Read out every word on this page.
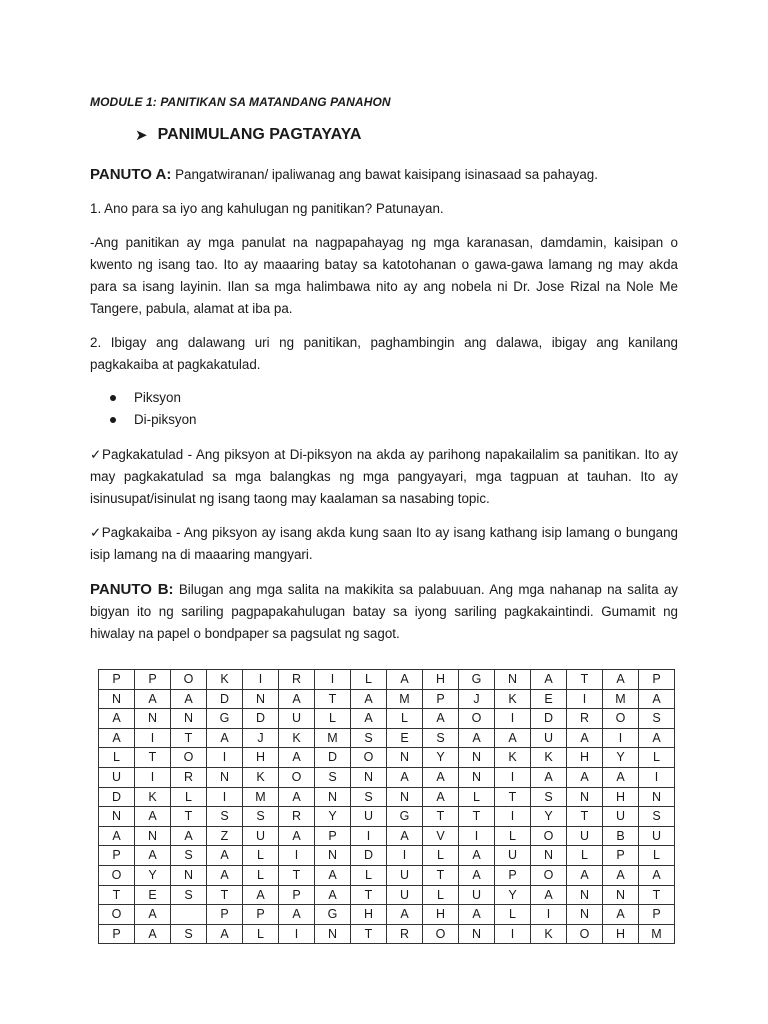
MODULE 1: PANITIKAN SA MATANDANG PANAHON
➤ PANIMULANG PAGTAYAYA
PANUTO A: Pangatwiranan/ ipaliwanag ang bawat kaisipang isinasaad sa pahayag.
1. Ano para sa iyo ang kahulugan ng panitikan? Patunayan.
-Ang panitikan ay mga panulat na nagpapahayag ng mga karanasan, damdamin, kaisipan o kwento ng isang tao. Ito ay maaaring batay sa katotohanan o gawa-gawa lamang ng may akda para sa isang layinin. Ilan sa mga halimbawa nito ay ang nobela ni Dr. Jose Rizal na Nole Me Tangere, pabula, alamat at iba pa.
2. Ibigay ang dalawang uri ng panitikan, paghambingin ang dalawa, ibigay ang kanilang pagkakaiba at pagkakatulad.
Piksyon
Di-piksyon
✓Pagkakatulad - Ang piksyon at Di-piksyon na akda ay parihong napakailalim sa panitikan. Ito ay may pagkakatulad sa mga balangkas ng mga pangyayari, mga tagpuan at tauhan. Ito ay isinusupat/isinulat ng isang taong may kaalaman sa nasabing topic.
✓Pagkakaiba - Ang piksyon ay isang akda kung saan Ito ay isang kathang isip lamang o bungang isip lamang na di maaaring mangyari.
PANUTO B: Bilugan ang mga salita na makikita sa palabuuan. Ang mga nahanap na salita ay bigyan ito ng sariling pagpapakahulugan batay sa iyong sariling pagkakaintindi. Gumamit ng hiwalay na papel o bondpaper sa pagsulat ng sagot.
P	P	O	K	I	R	I	L	A	H	G	N	A	T	A	P
N	A	A	D	N	A	T	A	M	P	J	K	E	I	M	A
A	N	N	G	D	U	L	A	L	A	O	I	D	R	O	S
A	I	T	A	J	K	M	S	E	S	A	A	U	A	I	A
L	T	O	I	H	A	D	O	N	Y	N	K	K	H	Y	L
U	I	R	N	K	O	S	N	A	A	N	I	A	A	A	I
D	K	L	I	M	A	N	S	N	A	L	T	S	N	H	N
N	A	T	S	S	R	Y	U	G	T	T	I	Y	T	U	S
A	N	A	Z	U	A	P	I	A	V	I	L	O	U	B	U
P	A	S	A	L	I	N	D	I	L	A	U	N	L	P	L
O	Y	N	A	L	T	A	L	U	T	A	P	O	A	A	A
T	E	S	T	A	P	A	T	U	L	U	Y	A	N	N	T
O	A		P	P	A	G	H	A	H	A	L	I	N	A	P
P	A	S	A	L	I	N	T	R	O	N	I	K	O	H	M
